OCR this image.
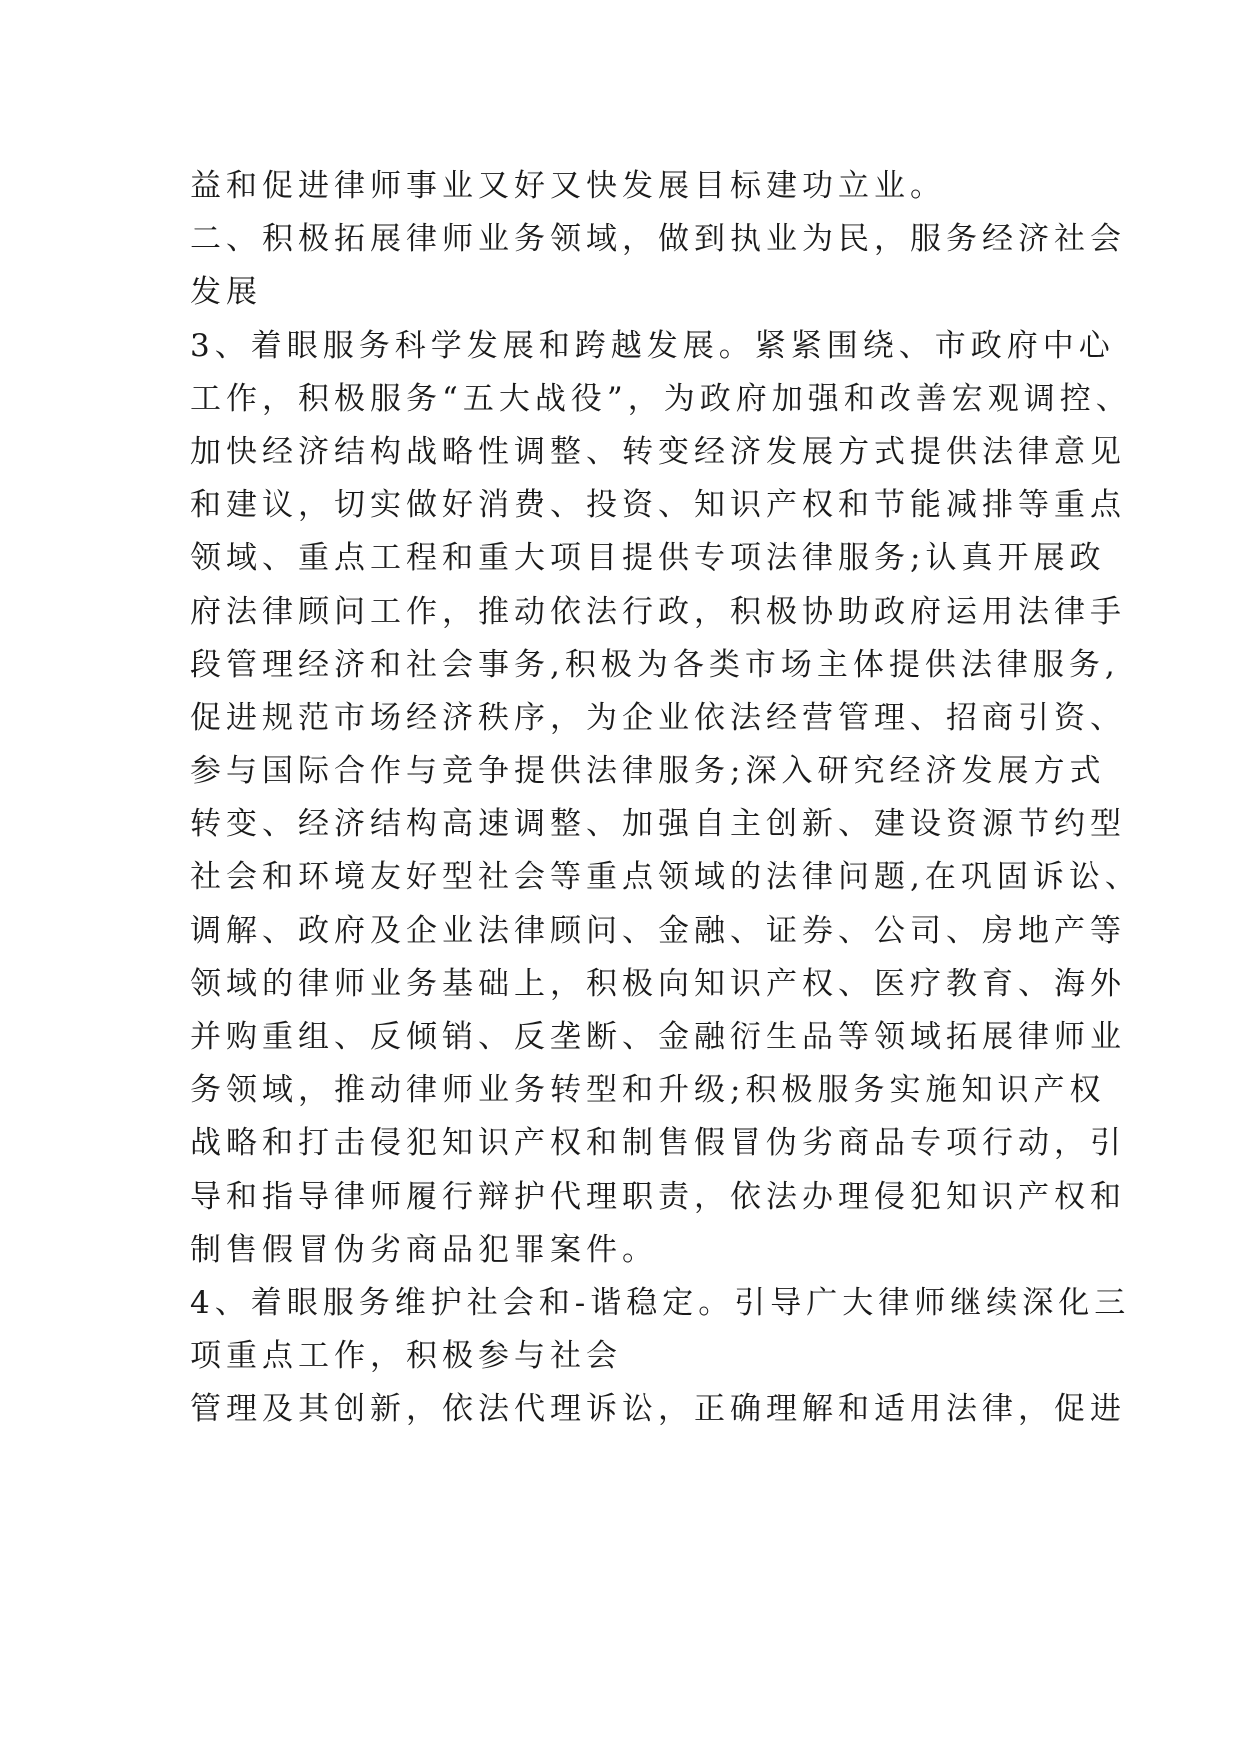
益和促进律师事业又好又快发展目标建功立业。
二、积极拓展律师业务领域，做到执业为民，服务经济社会
发展
3、着眼服务科学发展和跨越发展。紧紧围绕、市政府中心
工作，积极服务“五大战役”，为政府加强和改善宏观调控、
加快经济结构战略性调整、转变经济发展方式提供法律意见
和建议，切实做好消费、投资、知识产权和节能减排等重点
领域、重点工程和重大项目提供专项法律服务;认真开展政
府法律顾问工作，推动依法行政，积极协助政府运用法律手
段管理经济和社会事务,积极为各类市场主体提供法律服务,
促进规范市场经济秩序，为企业依法经营管理、招商引资、
参与国际合作与竞争提供法律服务;深入研究经济发展方式
转变、经济结构高速调整、加强自主创新、建设资源节约型
社会和环境友好型社会等重点领域的法律问题,在巩固诉讼、
调解、政府及企业法律顾问、金融、证券、公司、房地产等
领域的律师业务基础上，积极向知识产权、医疗教育、海外
并购重组、反倾销、反垄断、金融衍生品等领域拓展律师业
务领域，推动律师业务转型和升级;积极服务实施知识产权
战略和打击侵犯知识产权和制售假冒伪劣商品专项行动，引
导和指导律师履行辩护代理职责，依法办理侵犯知识产权和
制售假冒伪劣商品犯罪案件。
4、着眼服务维护社会和-谐稳定。引导广大律师继续深化三
项重点工作，积极参与社会
管理及其创新，依法代理诉讼，正确理解和适用法律，促进
